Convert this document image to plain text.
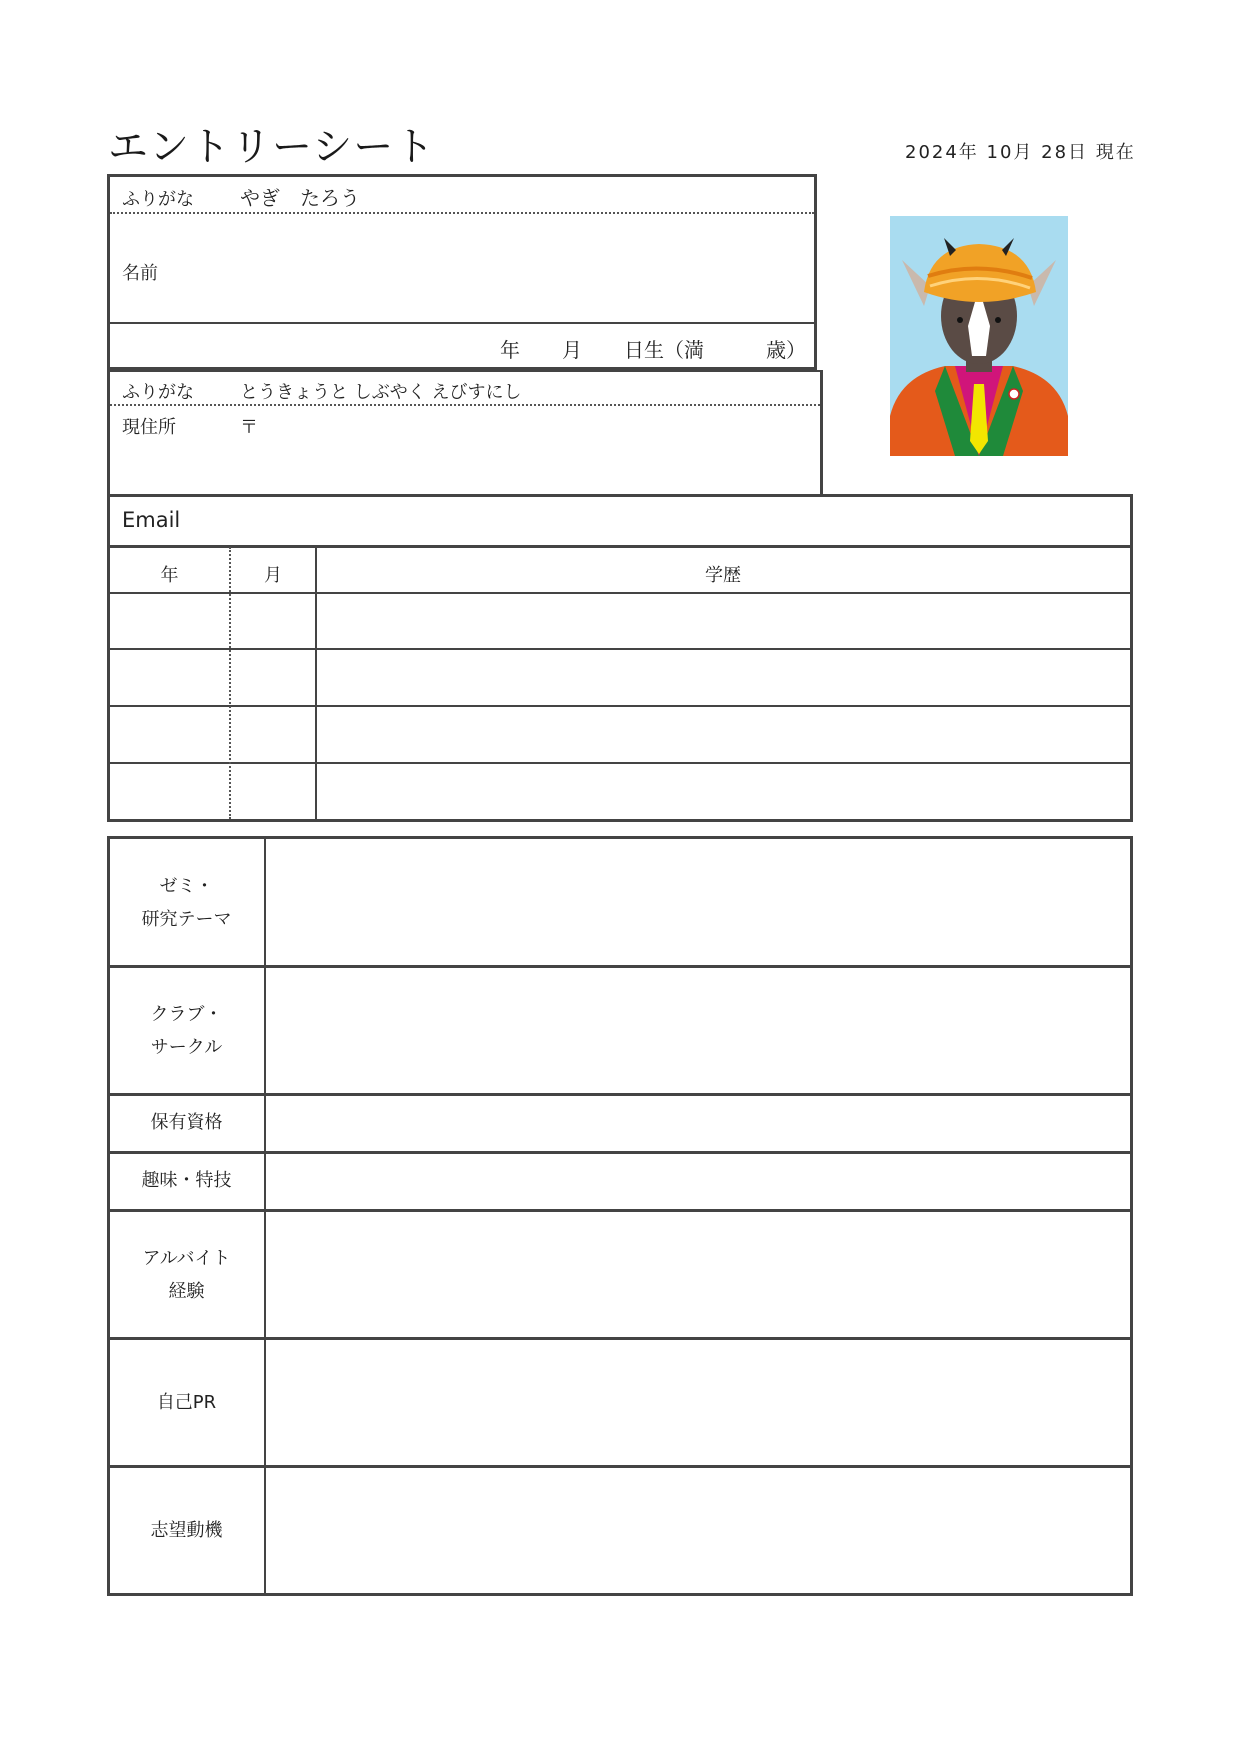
エントリーシート	2024年 10月 28日 現在
ふりがな やぎ　たろう
名前
年 月 日生（満	歳）
ふりがな	とうきょうと しぶやく えびすにし
現住所	〒
Email
年	月	学歴
ゼミ・
研究テーマ
クラブ・
サークル
保有資格
趣味・特技
アルバイト
経験
自己PR
志望動機
